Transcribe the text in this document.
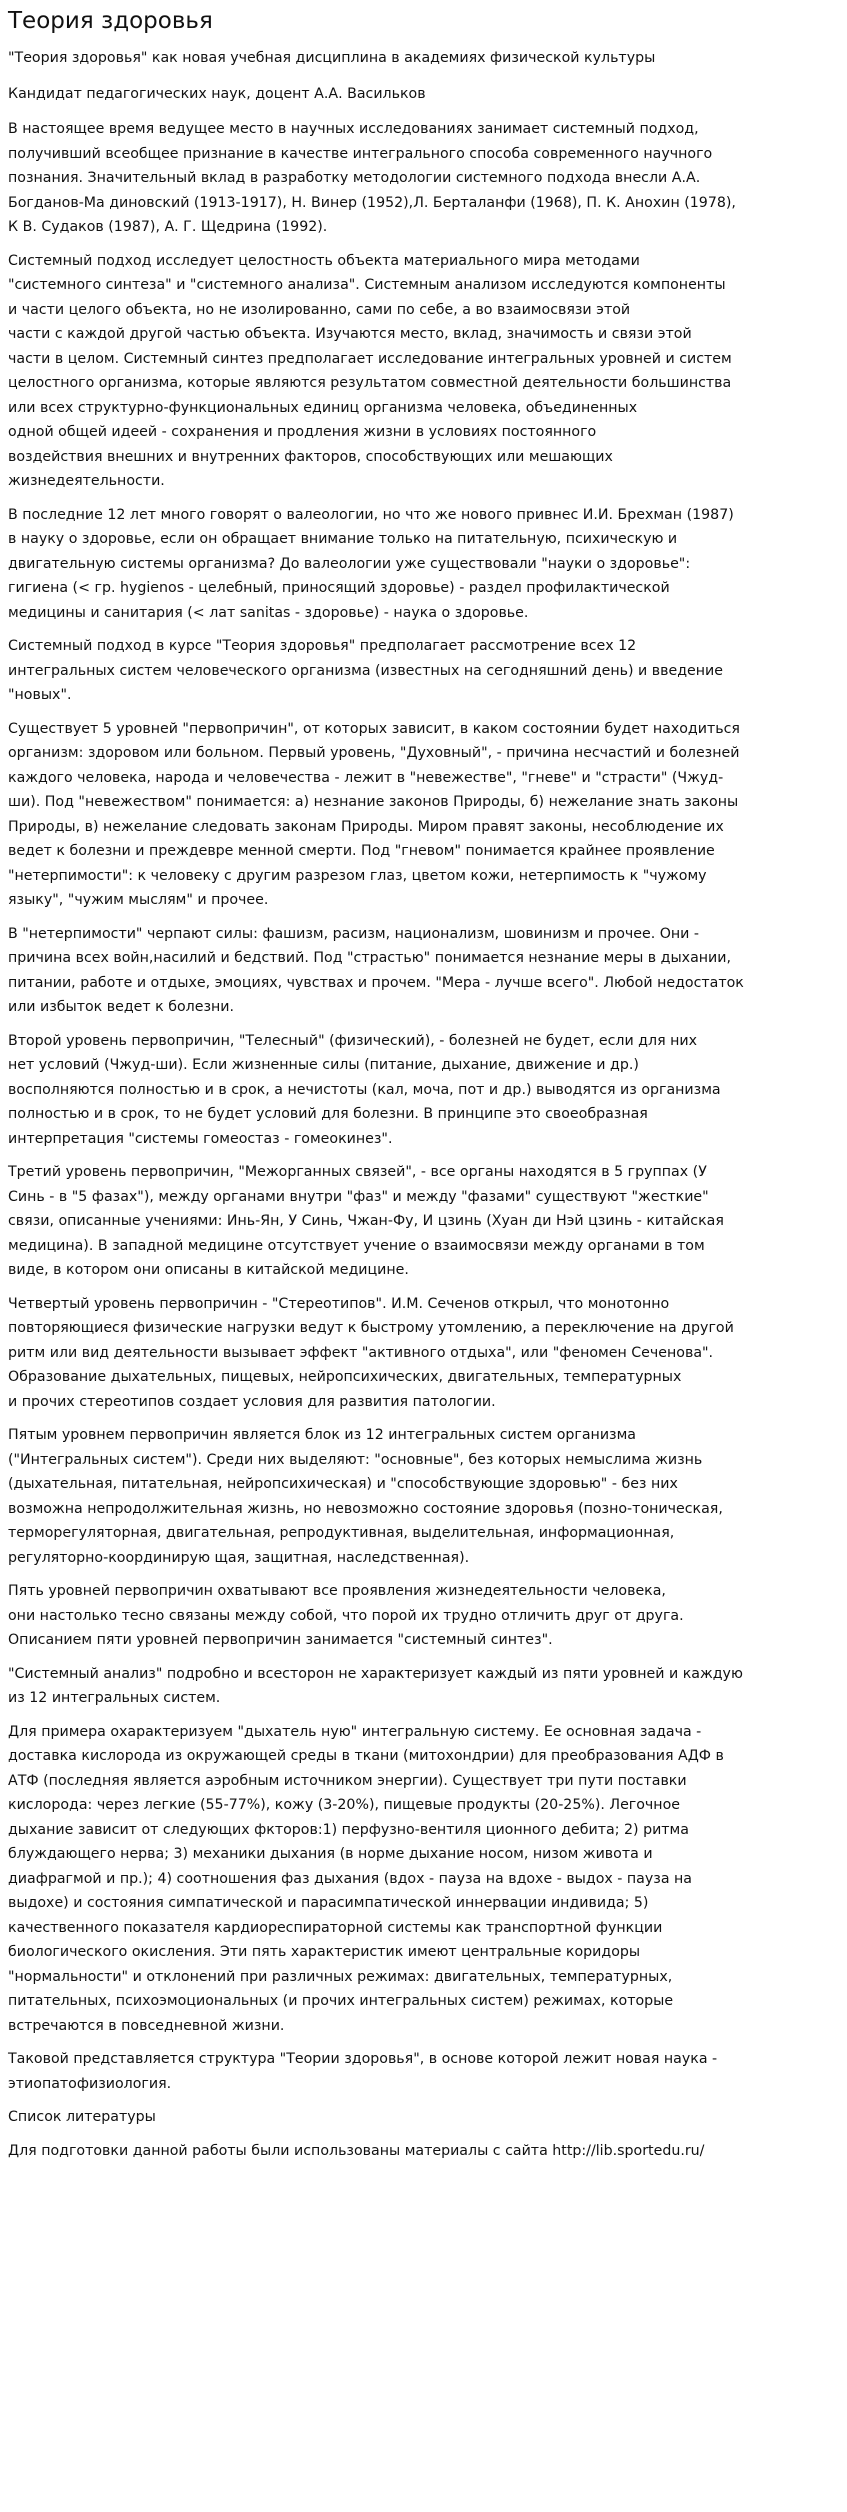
Теория здоровья

"Теория здоровья" как новая учебная дисциплина в академиях физической культуры

Кандидат педагогических наук, доцент А.А. Васильков

В настоящее время ведущее место в научных исследованиях занимает системный подход,
получивший всеобщее признание в качестве интегрального способа современного научного
познания. Значительный вклад в разработку методологии системного подхода внесли А.А.
Богданов-Ма диновский (1913-1917), Н. Винер (1952),Л. Берталанфи (1968), П. К. Анохин (1978),
К В. Судаков (1987), А. Г. Щедрина (1992).

Системный подход исследует целостность объекта материального мира методами
"системного синтеза" и "системного анализа". Системным анализом исследуются компоненты
и части целого объекта, но не изолированно, сами по себе, а во взаимосвязи этой
части с каждой другой частью объекта. Изучаются место, вклад, значимость и связи этой
части в целом. Системный синтез предполагает исследование интегральных уровней и систем
целостного организма, которые являются результатом совместной деятельности большинства
или всех структурно-функциональных единиц организма человека, объединенных
одной общей идеей - сохранения и продления жизни в условиях постоянного
воздействия внешних и внутренних факторов, способствующих или мешающих
жизнедеятельности.

В последние 12 лет много говорят о валеологии, но что же нового привнес И.И. Брехман (1987)
в науку о здоровье, если он обращает внимание только на питательную, психическую и
двигательную системы организма? До валеологии уже существовали "науки о здоровье":
гигиена (< гр. hygienos - целебный, приносящий здоровье) - раздел профилактической
медицины и санитария (< лат sanitas - здоровье) - наука о здоровье.

Системный подход в курсе "Теория здоровья" предполагает рассмотрение всех 12
интегральных систем человеческого организма (известных на сегодняшний день) и введение
"новых".

Существует 5 уровней "первопричин", от которых зависит, в каком состоянии будет находиться
организм: здоровом или больном. Первый уровень, "Духовный", - причина несчастий и болезней
каждого человека, народа и человечества - лежит в "невежестве", "гневе" и "страсти" (Чжуд-
ши). Под "невежеством" понимается: а) незнание законов Природы, б) нежелание знать законы
Природы, в) нежелание следовать законам Природы. Миром правят законы, несоблюдение их
ведет к болезни и преждевре менной смерти. Под "гневом" понимается крайнее проявление
"нетерпимости": к человеку с другим разрезом глаз, цветом кожи, нетерпимость к "чужому
языку", "чужим мыслям" и прочее.

В "нетерпимости" черпают силы: фашизм, расизм, национализм, шовинизм и прочее. Они -
причина всех войн,насилий и бедствий. Под "страстью" понимается незнание меры в дыхании,
питании, работе и отдыхе, эмоциях, чувствах и прочем. "Мера - лучше всего". Любой недостаток
или избыток ведет к болезни.

Второй уровень первопричин, "Телесный" (физический), - болезней не будет, если для них
нет условий (Чжуд-ши). Если жизненные силы (питание, дыхание, движение и др.)
восполняются полностью и в срок, а нечистоты (кал, моча, пот и др.) выводятся из организма
полностью и в срок, то не будет условий для болезни. В принципе это своеобразная
интерпретация "системы гомеостаз - гомеокинез".

Третий уровень первопричин, "Межорганных связей", - все органы находятся в 5 группах (У
Синь - в "5 фазах"), между органами внутри "фаз" и между "фазами" существуют "жесткие"
связи, описанные учениями: Инь-Ян, У Синь, Чжан-Фу, И цзинь (Хуан ди Нэй цзинь - китайская
медицина). В западной медицине отсутствует учение о взаимосвязи между органами в том
виде, в котором они описаны в китайской медицине.

Четвертый уровень первопричин - "Стереотипов". И.М. Сеченов открыл, что монотонно
повторяющиеся физические нагрузки ведут к быстрому утомлению, а переключение на другой
ритм или вид деятельности вызывает эффект "активного отдыха", или "феномен Сеченова".
Образование дыхательных, пищевых, нейропсихических, двигательных, температурных
и прочих стереотипов создает условия для развития патологии.

Пятым уровнем первопричин является блок из 12 интегральных систем организма
("Интегральных систем"). Среди них выделяют: "основные", без которых немыслима жизнь
(дыхательная, питательная, нейропсихическая) и "способствующие здоровью" - без них
возможна непродолжительная жизнь, но невозможно состояние здоровья (позно-тоническая,
терморегуляторная, двигательная, репродуктивная, выделительная, информационная,
регуляторно-координирую щая, защитная, наследственная).

Пять уровней первопричин охватывают все проявления жизнедеятельности человека,
они настолько тесно связаны между собой, что порой их трудно отличить друг от друга.
Описанием пяти уровней первопричин занимается "системный синтез".

"Системный анализ" подробно и всесторон не характеризует каждый из пяти уровней и каждую
из 12 интегральных систем.

Для примера охарактеризуем "дыхатель ную" интегральную систему. Ее основная задача -
доставка кислорода из окружающей среды в ткани (митохондрии) для преобразования АДФ в
АТФ (последняя является аэробным источником энергии). Существует три пути поставки
кислорода: через легкие (55-77%), кожу (3-20%), пищевые продукты (20-25%). Легочное
дыхание зависит от следующих фкторов:1) перфузно-вентиля ционного дебита; 2) ритма
блуждающего нерва; 3) механики дыхания (в норме дыхание носом, низом живота и
диафрагмой и пр.); 4) соотношения фаз дыхания (вдох - пауза на вдохе - выдох - пауза на
выдохе) и состояния симпатической и парасимпатической иннервации индивида; 5)
качественного показателя кардиореспираторной системы как транспортной функции
биологического окисления. Эти пять характеристик имеют центральные коридоры
"нормальности" и отклонений при различных режимах: двигательных, температурных,
питательных, психоэмоциональных (и прочих интегральных систем) режимах, которые
встречаются в повседневной жизни.

Таковой представляется структура "Теории здоровья", в основе которой лежит новая наука -
этиопатофизиология.

Список литературы

Для подготовки данной работы были использованы материалы с сайта http://lib.sportedu.ru/
